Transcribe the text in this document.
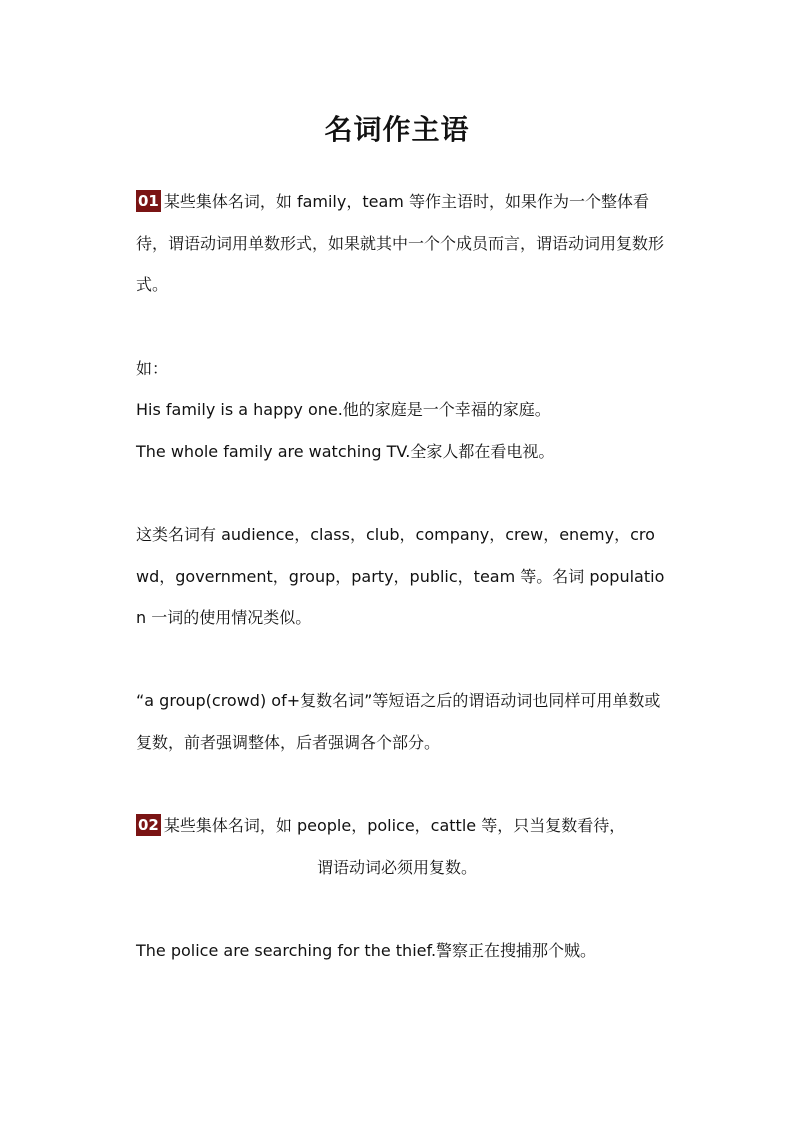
名词作主语
01 某些集体名词，如 family，team 等作主语时，如果作为一个整体看待，谓语动词用单数形式，如果就其中一个个成员而言，谓语动词用复数形式。
如：
His family is a happy one.他的家庭是一个幸福的家庭。
The whole family are watching TV.全家人都在看电视。
这类名词有 audience，class，club，company，crew，enemy，crowd，government，group，party，public，team 等。名词 population 一词的使用情况类似。
“a group(crowd) of+复数名词”等短语之后的谓语动词也同样可用单数或复数，前者强调整体，后者强调各个部分。
02 某些集体名词，如 people，police，cattle 等，只当复数看待，
谓语动词必须用复数。
The police are searching for the thief.警察正在搜捕那个贼。
